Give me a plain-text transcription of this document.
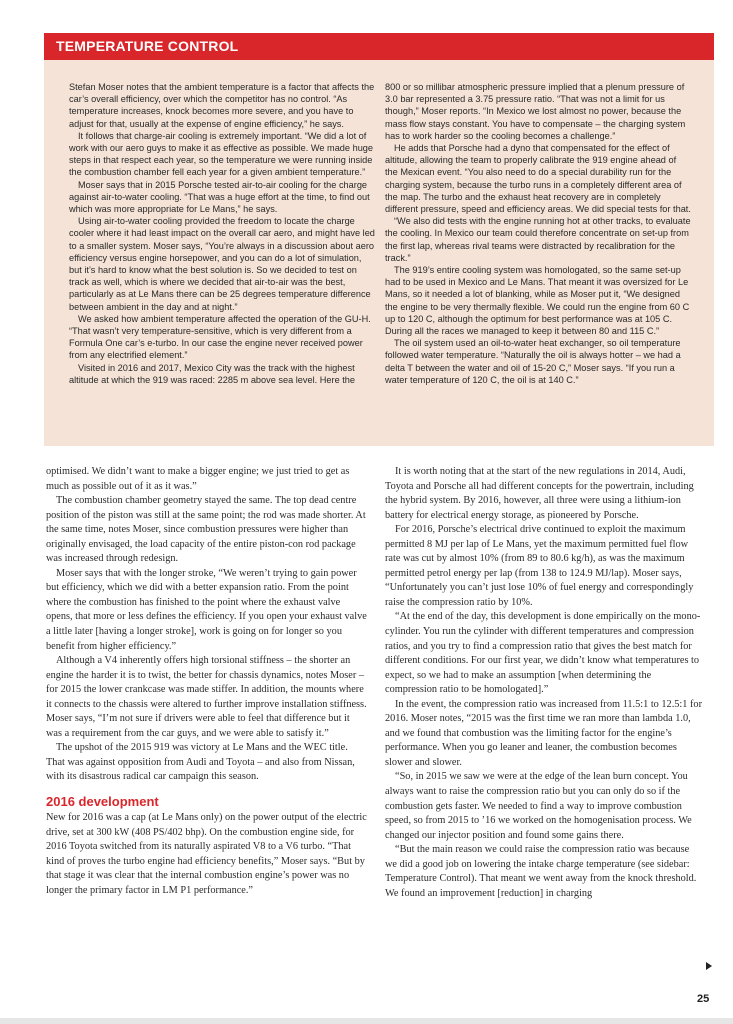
TEMPERATURE CONTROL

Stefan Moser notes that the ambient temperature is a factor that affects the car’s overall efficiency, over which the competitor has no control. “As temperature increases, knock becomes more severe, and you have to adjust for that, usually at the expense of engine efficiency,” he says.

It follows that charge-air cooling is extremely important. “We did a lot of work with our aero guys to make it as effective as possible. We made huge steps in that respect each year, so the temperature we were running inside the combustion chamber fell each year for a given ambient temperature.”

Moser says that in 2015 Porsche tested air-to-air cooling for the charge against air-to-water cooling. “That was a huge effort at the time, to find out which was more appropriate for Le Mans,” he says.

Using air-to-water cooling provided the freedom to locate the charge cooler where it had least impact on the overall car aero, and might have led to a smaller system. Moser says, “You’re always in a discussion about aero efficiency versus engine horsepower, and you can do a lot of simulation, but it’s hard to know what the best solution is. So we decided to test on track as well, which is where we decided that air-to-air was the best, particularly as at Le Mans there can be 25 degrees temperature difference between ambient in the day and at night.”

We asked how ambient temperature affected the operation of the GU-H. “That wasn’t very temperature-sensitive, which is very different from a Formula One car’s e-turbo. In our case the engine never received power from any electrified element.”

Visited in 2016 and 2017, Mexico City was the track with the highest altitude at which the 919 was raced: 2285 m above sea level. Here the

800 or so millibar atmospheric pressure implied that a plenum pressure of 3.0 bar represented a 3.75 pressure ratio. “That was not a limit for us though,” Moser reports. “In Mexico we lost almost no power, because the mass flow stays constant. You have to compensate – the charging system has to work harder so the cooling becomes a challenge.”

He adds that Porsche had a dyno that compensated for the effect of altitude, allowing the team to properly calibrate the 919 engine ahead of the Mexican event. “You also need to do a special durability run for the charging system, because the turbo runs in a completely different area of the map. The turbo and the exhaust heat recovery are in completely different pressure, speed and efficiency areas. We did special tests for that.

“We also did tests with the engine running hot at other tracks, to evaluate the cooling. In Mexico our team could therefore concentrate on set-up from the first lap, whereas rival teams were distracted by recalibration for the track.”

The 919’s entire cooling system was homologated, so the same set-up had to be used in Mexico and Le Mans. That meant it was oversized for Le Mans, so it needed a lot of blanking, while as Moser put it, “We designed the engine to be very thermally flexible. We could run the engine from 60 C up to 120 C, although the optimum for best performance was at 105 C. During all the races we managed to keep it between 80 and 115 C.”

The oil system used an oil-to-water heat exchanger, so oil temperature followed water temperature. “Naturally the oil is always hotter – we had a delta T between the water and oil of 15-20 C,” Moser says. “If you run a water temperature of 120 C, the oil is at 140 C.”

optimised. We didn’t want to make a bigger engine; we just tried to get as much as possible out of it as it was.”

The combustion chamber geometry stayed the same. The top dead centre position of the piston was still at the same point; the rod was made shorter. At the same time, notes Moser, since combustion pressures were higher than originally envisaged, the load capacity of the entire piston-con rod package was increased through redesign.

Moser says that with the longer stroke, “We weren’t trying to gain power but efficiency, which we did with a better expansion ratio. From the point where the combustion has finished to the point where the exhaust valve opens, that more or less defines the efficiency. If you open your exhaust valve a little later [having a longer stroke], work is going on for longer so you benefit from higher efficiency.”

Although a V4 inherently offers high torsional stiffness – the shorter an engine the harder it is to twist, the better for chassis dynamics, notes Moser – for 2015 the lower crankcase was made stiffer. In addition, the mounts where it connects to the chassis were altered to further improve installation stiffness. Moser says, “I’m not sure if drivers were able to feel that difference but it was a requirement from the car guys, and we were able to satisfy it.”

The upshot of the 2015 919 was victory at Le Mans and the WEC title. That was against opposition from Audi and Toyota – and also from Nissan, with its disastrous radical car campaign this season.

2016 development

New for 2016 was a cap (at Le Mans only) on the power output of the electric drive, set at 300 kW (408 PS/402 bhp). On the combustion engine side, for 2016 Toyota switched from its naturally aspirated V8 to a V6 turbo. “That kind of proves the turbo engine had efficiency benefits,” Moser says. “But by that stage it was clear that the internal combustion engine’s power was no longer the primary factor in LM P1 performance.”

It is worth noting that at the start of the new regulations in 2014, Audi, Toyota and Porsche all had different concepts for the powertrain, including the hybrid system. By 2016, however, all three were using a lithium-ion battery for electrical energy storage, as pioneered by Porsche.

For 2016, Porsche’s electrical drive continued to exploit the maximum permitted 8 MJ per lap of Le Mans, yet the maximum permitted fuel flow rate was cut by almost 10% (from 89 to 80.6 kg/h), as was the maximum permitted petrol energy per lap (from 138 to 124.9 MJ/lap). Moser says, “Unfortunately you can’t just lose 10% of fuel energy and correspondingly raise the compression ratio by 10%.

“At the end of the day, this development is done empirically on the mono-cylinder. You run the cylinder with different temperatures and compression ratios, and you try to find a compression ratio that gives the best match for different conditions. For our first year, we didn’t know what temperatures to expect, so we had to make an assumption [when determining the compression ratio to be homologated].”

In the event, the compression ratio was increased from 11.5:1 to 12.5:1 for 2016. Moser notes, “2015 was the first time we ran more than lambda 1.0, and we found that combustion was the limiting factor for the engine’s performance. When you go leaner and leaner, the combustion becomes slower and slower.

“So, in 2015 we saw we were at the edge of the lean burn concept. You always want to raise the compression ratio but you can only do so if the combustion gets faster. We needed to find a way to improve combustion speed, so from 2015 to ’16 we worked on the homogenisation process. We changed our injector position and found some gains there.

“But the main reason we could raise the compression ratio was because we did a good job on lowering the intake charge temperature (see sidebar: Temperature Control). That meant we went away from the knock threshold. We found an improvement [reduction] in charging

25
